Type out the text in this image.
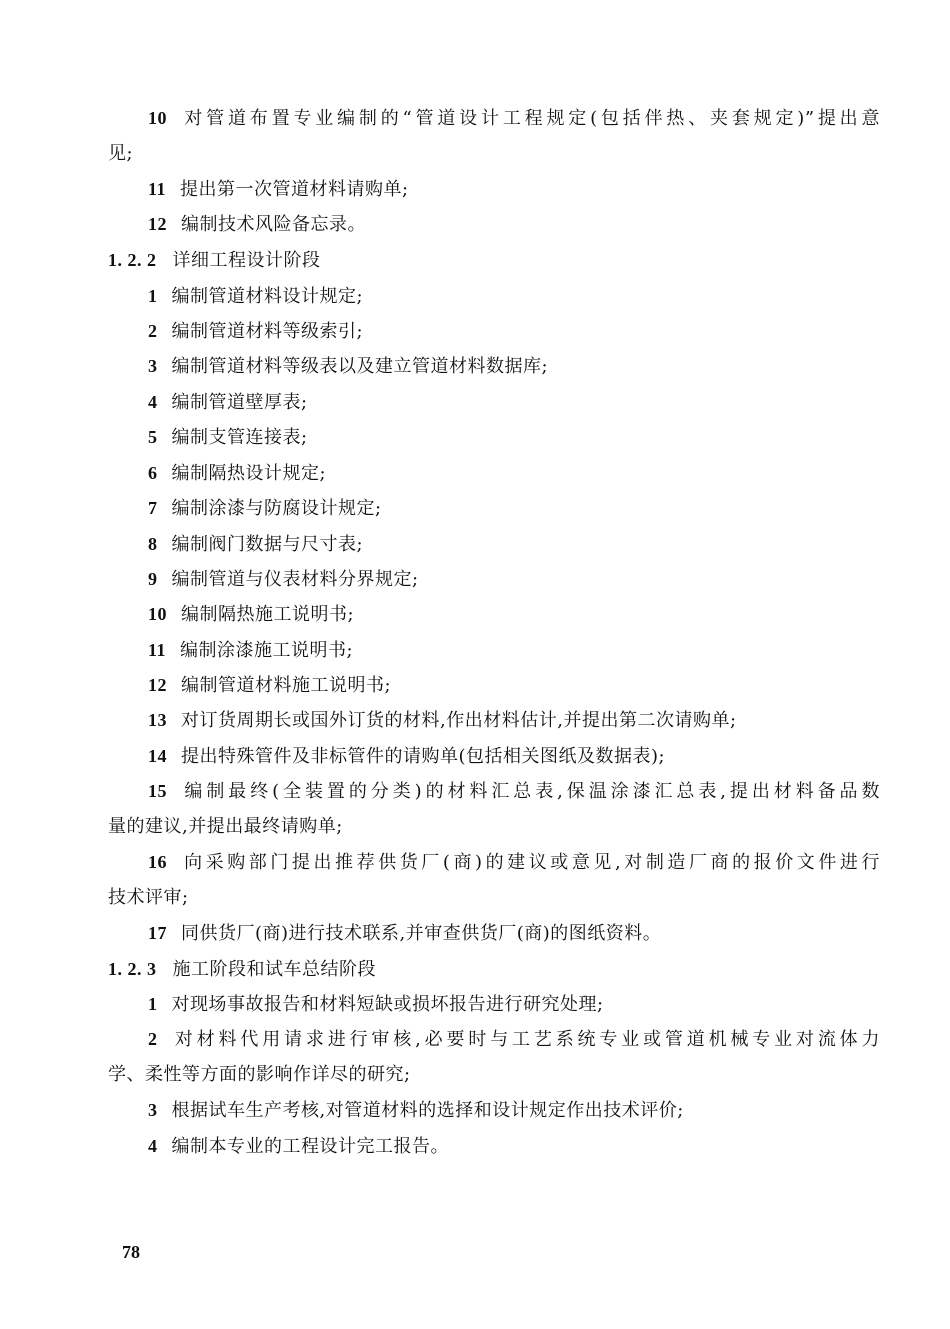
10 对管道布置专业编制的“管道设计工程规定(包括伴热、夹套规定)”提出意
见;
11 提出第一次管道材料请购单;
12 编制技术风险备忘录。
1. 2. 2 详细工程设计阶段
1 编制管道材料设计规定;
2 编制管道材料等级索引;
3 编制管道材料等级表以及建立管道材料数据库;
4 编制管道壁厚表;
5 编制支管连接表;
6 编制隔热设计规定;
7 编制涂漆与防腐设计规定;
8 编制阀门数据与尺寸表;
9 编制管道与仪表材料分界规定;
10 编制隔热施工说明书;
11 编制涂漆施工说明书;
12 编制管道材料施工说明书;
13 对订货周期长或国外订货的材料,作出材料估计,并提出第二次请购单;
14 提出特殊管件及非标管件的请购单(包括相关图纸及数据表);
15 编制最终(全装置的分类)的材料汇总表,保温涂漆汇总表,提出材料备品数
量的建议,并提出最终请购单;
16 向采购部门提出推荐供货厂(商)的建议或意见,对制造厂商的报价文件进行
技术评审;
17 同供货厂(商)进行技术联系,并审查供货厂(商)的图纸资料。
1. 2. 3 施工阶段和试车总结阶段
1 对现场事故报告和材料短缺或损坏报告进行研究处理;
2 对材料代用请求进行审核,必要时与工艺系统专业或管道机械专业对流体力
学、柔性等方面的影响作详尽的研究;
3 根据试车生产考核,对管道材料的选择和设计规定作出技术评价;
4 编制本专业的工程设计完工报告。
78
